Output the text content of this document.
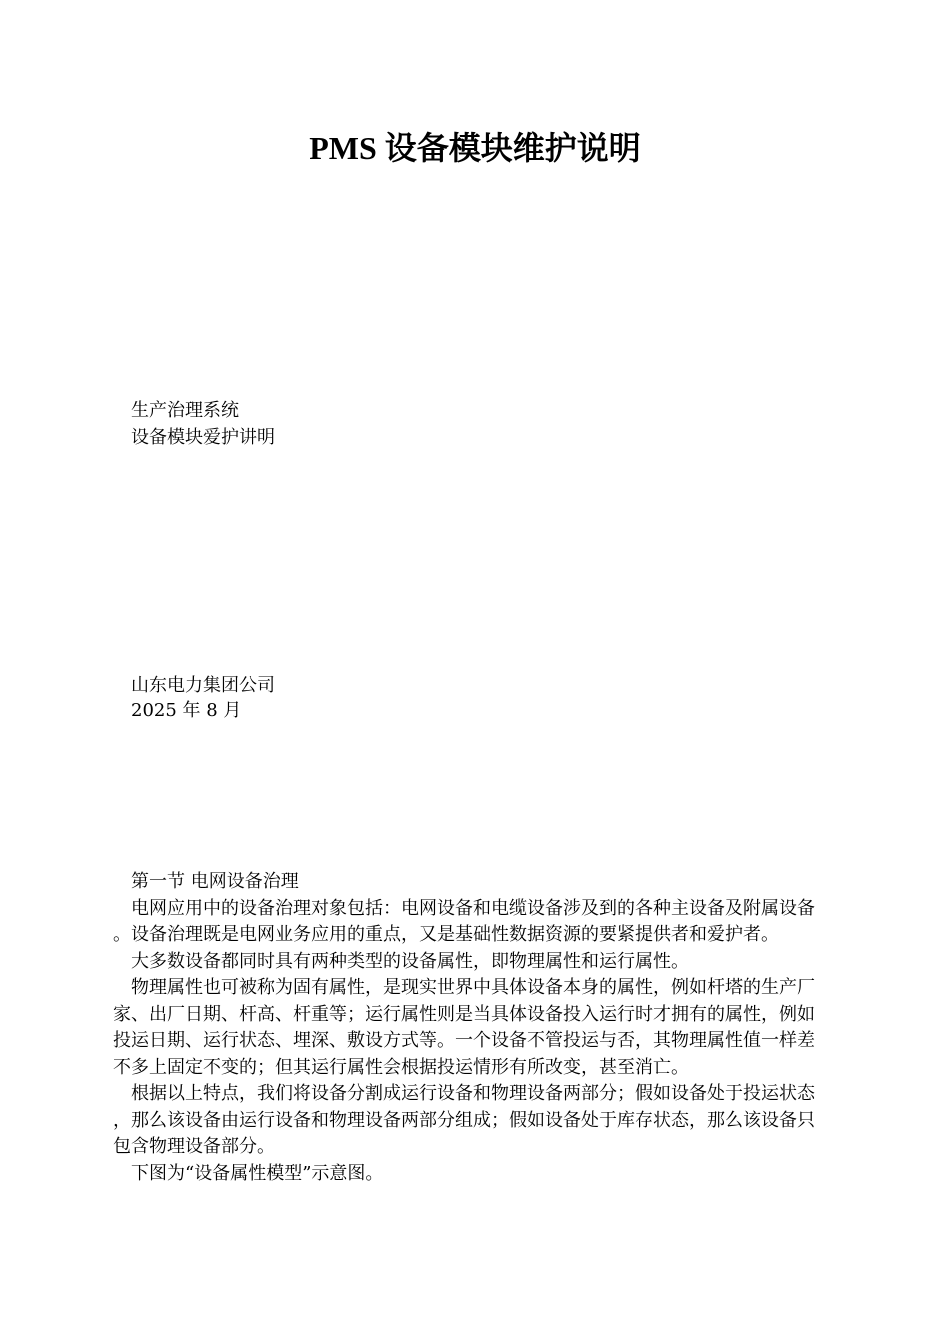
PMS 设备模块维护说明
生产治理系统
设备模块爱护讲明
山东电力集团公司
2025 年 8 月

第一节 电网设备治理

电网应用中的设备治理对象包括：电网设备和电缆设备涉及到的各种主设备及附属设备。设备治理既是电网业务应用的重点，又是基础性数据资源的要紧提供者和爱护者。

大多数设备都同时具有两种类型的设备属性，即物理属性和运行属性。

物理属性也可被称为固有属性，是现实世界中具体设备本身的属性，例如杆塔的生产厂家、出厂日期、杆高、杆重等；运行属性则是当具体设备投入运行时才拥有的属性，例如投运日期、运行状态、埋深、敷设方式等。一个设备不管投运与否，其物理属性值一样差不多上固定不变的；但其运行属性会根据投运情形有所改变，甚至消亡。

根据以上特点，我们将设备分割成运行设备和物理设备两部分；假如设备处于投运状态，那么该设备由运行设备和物理设备两部分组成；假如设备处于库存状态，那么该设备只包含物理设备部分。

下图为“设备属性模型”示意图。
